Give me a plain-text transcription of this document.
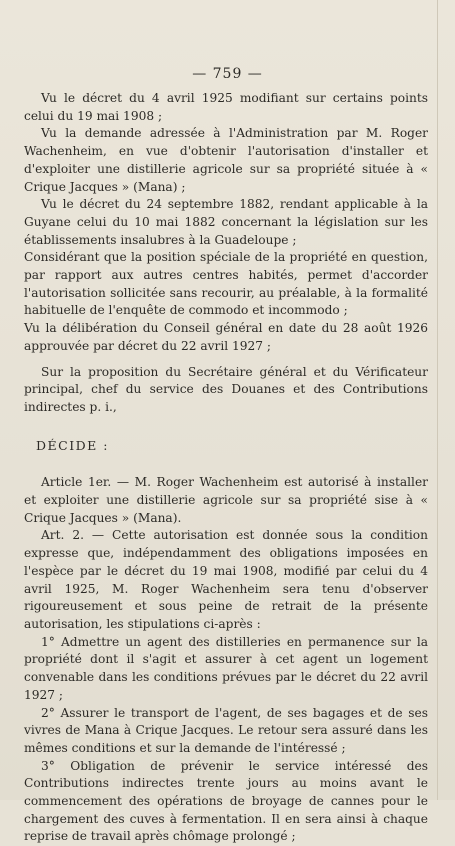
— 759 —

Vu le décret du 4 avril 1925 modifiant sur certains points celui du 19 mai 1908 ;

Vu la demande adressée à l'Administration par M. Roger Wachenheim, en vue d'obtenir l'autorisation d'installer et d'exploiter une distillerie agricole sur sa propriété située à « Crique Jacques » (Mana) ;

Vu le décret du 24 septembre 1882, rendant applicable à la Guyane celui du 10 mai 1882 concernant la législation sur les établissements insalubres à la Guadeloupe ;

Considérant que la position spéciale de la propriété en question, par rapport aux autres centres habités, permet d'accorder l'autorisation sollicitée sans recourir, au préalable, à la formalité habituelle de l'enquête de commodo et incommodo ;

Vu la délibération du Conseil général en date du 28 août 1926 approuvée par décret du 22 avril 1927 ;

Sur la proposition du Secrétaire général et du Vérificateur principal, chef du service des Douanes et des Contributions indirectes p. i.,

DÉCIDE :

Article 1er. — M. Roger Wachenheim est autorisé à installer et exploiter une distillerie agricole sur sa propriété sise à « Crique Jacques » (Mana).

Art. 2. — Cette autorisation est donnée sous la condition expresse que, indépendamment des obligations imposées en l'espèce par le décret du 19 mai 1908, modifié par celui du 4 avril 1925, M. Roger Wachenheim sera tenu d'observer rigoureusement et sous peine de retrait de la présente autorisation, les stipulations ci-après :

1° Admettre un agent des distilleries en permanence sur la propriété dont il s'agit et assurer à cet agent un logement convenable dans les conditions prévues par le décret du 22 avril 1927 ;

2° Assurer le transport de l'agent, de ses bagages et de ses vivres de Mana à Crique Jacques. Le retour sera assuré dans les mêmes conditions et sur la demande de l'intéressé ;

3° Obligation de prévenir le service intéressé des Contributions indirectes trente jours au moins avant le commencement des opérations de broyage de cannes pour le chargement des cuves à fermentation. Il en sera ainsi à chaque reprise de travail après chômage prolongé ;
